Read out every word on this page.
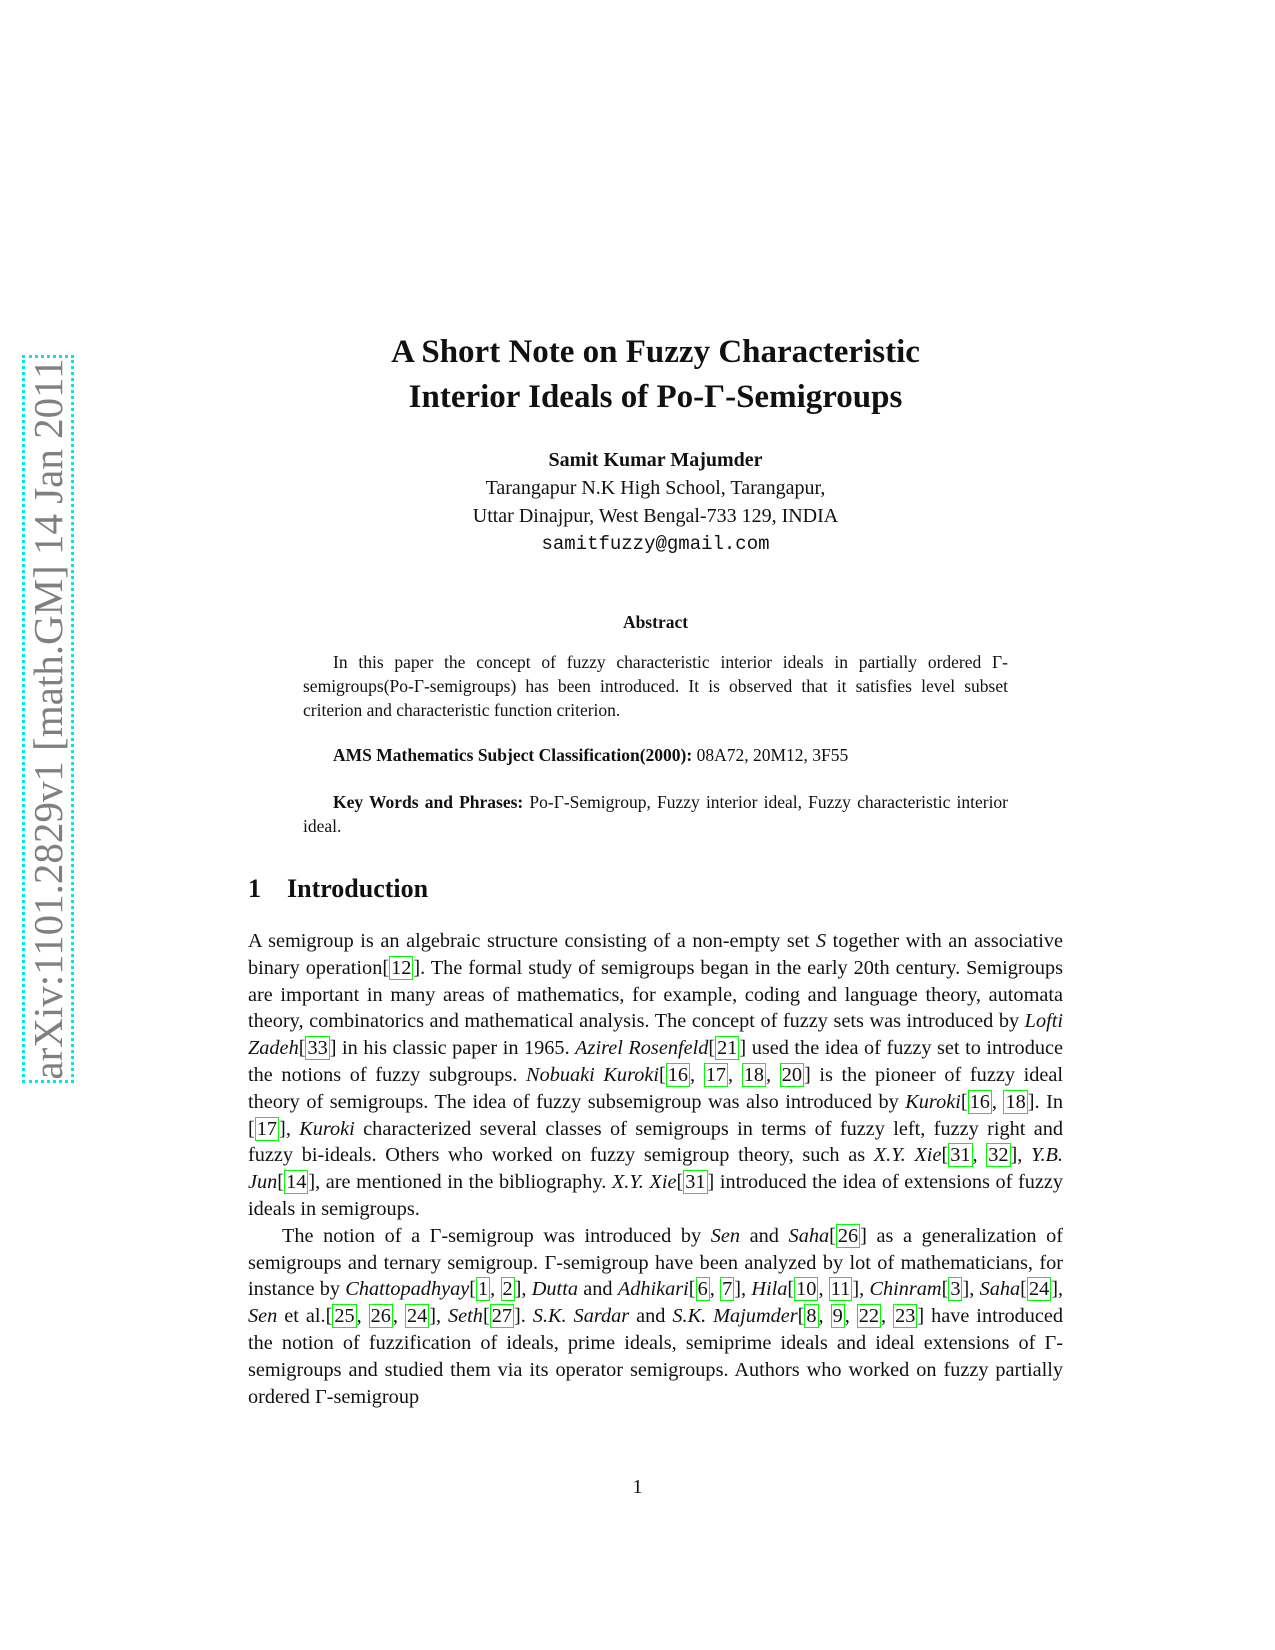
arXiv:1101.2829v1 [math.GM] 14 Jan 2011
A Short Note on Fuzzy Characteristic
Interior Ideals of Po-Γ-Semigroups
Samit Kumar Majumder
Tarangapur N.K High School, Tarangapur,
Uttar Dinajpur, West Bengal-733 129, INDIA
samitfuzzy@gmail.com
Abstract
In this paper the concept of fuzzy characteristic interior ideals in partially ordered Γ-semigroups(Po-Γ-semigroups) has been introduced. It is observed that it satisfies level subset criterion and characteristic function criterion.
AMS Mathematics Subject Classification(2000): 08A72, 20M12, 3F55
Key Words and Phrases: Po-Γ-Semigroup, Fuzzy interior ideal, Fuzzy characteristic interior ideal.
1 Introduction

A semigroup is an algebraic structure consisting of a non-empty set S together with an associative binary operation[12]. The formal study of semigroups began in the early 20th century. Semigroups are important in many areas of mathematics, for example, coding and language theory, automata theory, combinatorics and mathematical analysis. The concept of fuzzy sets was introduced by Lofti Zadeh[33] in his classic paper in 1965. Azirel Rosenfeld[21] used the idea of fuzzy set to introduce the notions of fuzzy subgroups. Nobuaki Kuroki[16, 17, 18, 20] is the pioneer of fuzzy ideal theory of semigroups. The idea of fuzzy subsemigroup was also introduced by Kuroki[16, 18]. In [17], Kuroki characterized several classes of semigroups in terms of fuzzy left, fuzzy right and fuzzy bi-ideals. Others who worked on fuzzy semigroup theory, such as X.Y. Xie[31, 32], Y.B. Jun[14], are mentioned in the bibliography. X.Y. Xie[31] introduced the idea of extensions of fuzzy ideals in semigroups.

The notion of a Γ-semigroup was introduced by Sen and Saha[26] as a generalization of semigroups and ternary semigroup. Γ-semigroup have been analyzed by lot of mathematicians, for instance by Chattopadhyay[1, 2], Dutta and Adhikari[6, 7], Hila[10, 11], Chinram[3], Saha[24], Sen et al.[25, 26, 24], Seth[27]. S.K. Sardar and S.K. Majumder[8, 9, 22, 23] have introduced the notion of fuzzification of ideals, prime ideals, semiprime ideals and ideal extensions of Γ-semigroups and studied them via its operator semigroups. Authors who worked on fuzzy partially ordered Γ-semigroup

1
